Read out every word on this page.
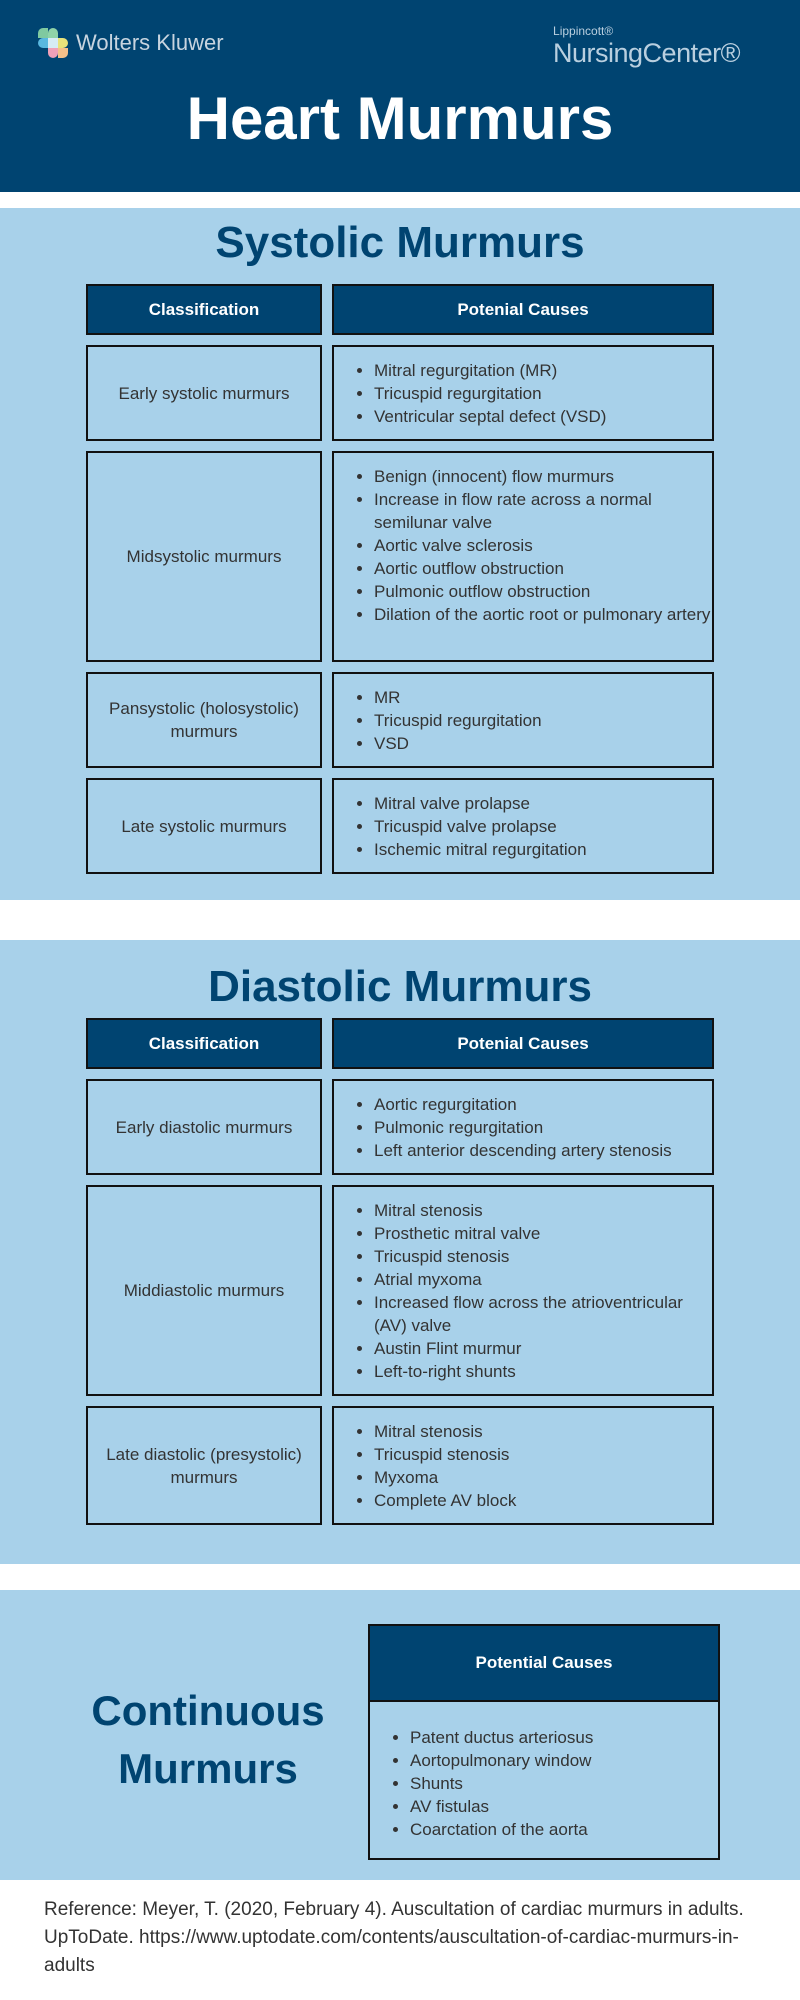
Wolters Kluwer	Lippincott®
NursingCenter®
Heart Murmurs
Systolic Murmurs
Classification	Potenial Causes
Early systolic murmurs
• Mitral regurgitation (MR)
• Tricuspid regurgitation
• Ventricular septal defect (VSD)
Midsystolic murmurs
• Benign (innocent) flow murmurs
• Increase in flow rate across a normal semilunar valve
• Aortic valve sclerosis
• Aortic outflow obstruction
• Pulmonic outflow obstruction
• Dilation of the aortic root or pulmonary artery
Pansystolic (holosystolic) murmurs
• MR
• Tricuspid regurgitation
• VSD
Late systolic murmurs
• Mitral valve prolapse
• Tricuspid valve prolapse
• Ischemic mitral regurgitation
Diastolic Murmurs
Classification	Potenial Causes
Early diastolic murmurs
• Aortic regurgitation
• Pulmonic regurgitation
• Left anterior descending artery stenosis
Middiastolic murmurs
• Mitral stenosis
• Prosthetic mitral valve
• Tricuspid stenosis
• Atrial myxoma
• Increased flow across the atrioventricular (AV) valve
• Austin Flint murmur
• Left-to-right shunts
Late diastolic (presystolic) murmurs
• Mitral stenosis
• Tricuspid stenosis
• Myxoma
• Complete AV block
Continuous Murmurs
Potential Causes
• Patent ductus arteriosus
• Aortopulmonary window
• Shunts
• AV fistulas
• Coarctation of the aorta
Reference: Meyer, T. (2020, February 4). Auscultation of cardiac murmurs in adults. UpToDate. https://www.uptodate.com/contents/auscultation-of-cardiac-murmurs-in-adults
